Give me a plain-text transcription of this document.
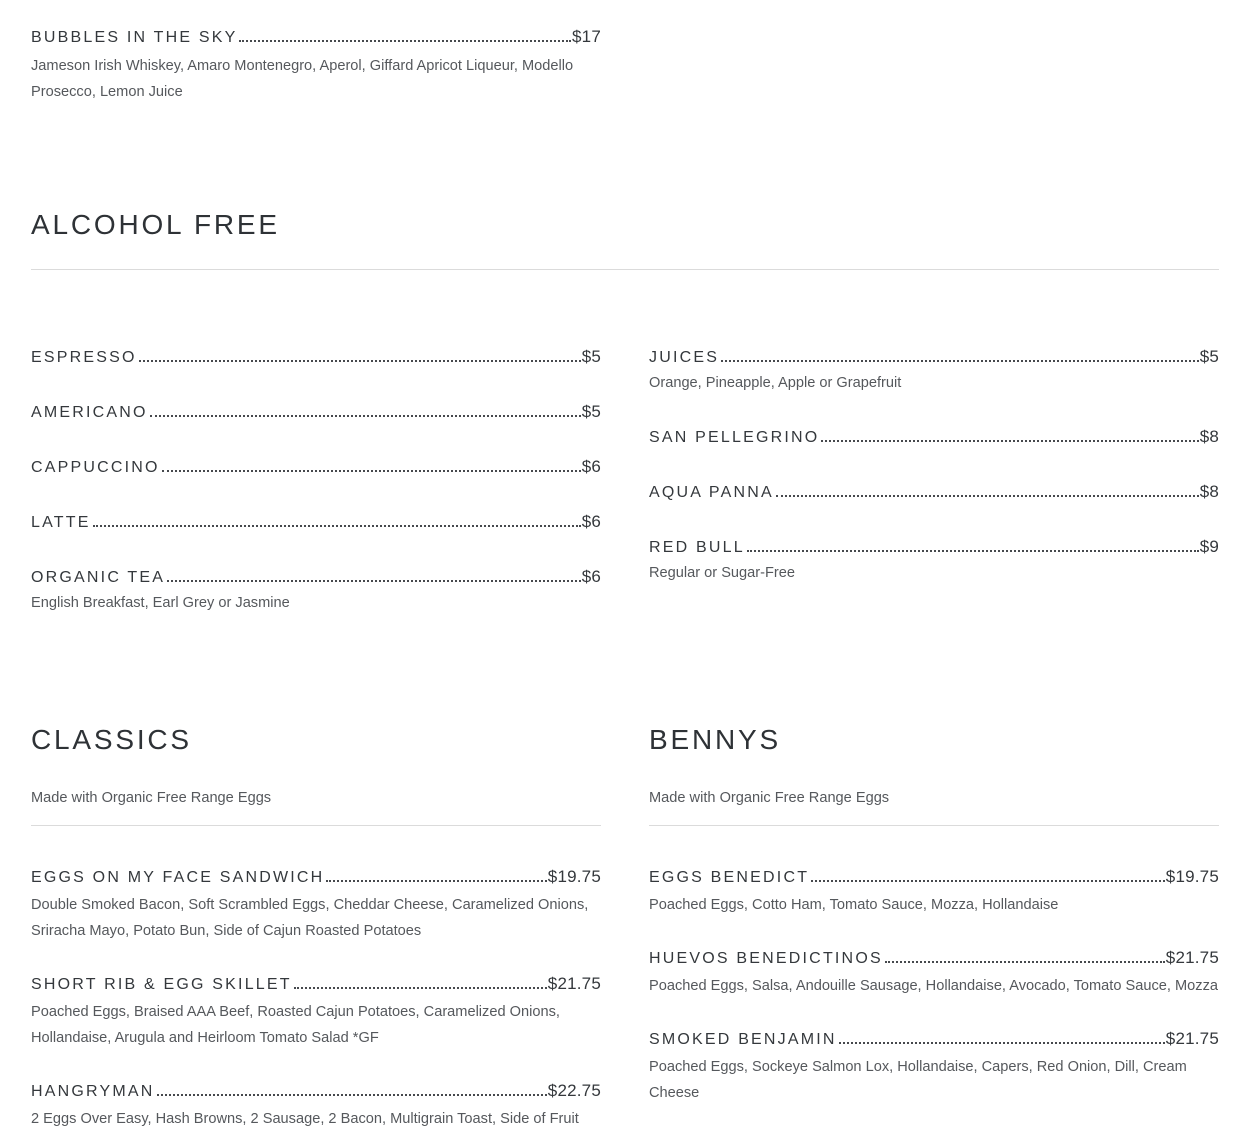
BUBBLES IN THE SKY	$17
Jameson Irish Whiskey, Amaro Montenegro, Aperol, Giffard Apricot Liqueur, Modello Prosecco, Lemon Juice
ALCOHOL FREE
ESPRESSO	$5
AMERICANO	$5
CAPPUCCINO	$6
LATTE	$6
ORGANIC TEA	$6
English Breakfast, Earl Grey or Jasmine
JUICES	$5
Orange, Pineapple, Apple or Grapefruit
SAN PELLEGRINO	$8
AQUA PANNA	$8
RED BULL	$9
Regular or Sugar-Free
CLASSICS
Made with Organic Free Range Eggs
EGGS ON MY FACE SANDWICH	$19.75
Double Smoked Bacon, Soft Scrambled Eggs, Cheddar Cheese, Caramelized Onions, Sriracha Mayo, Potato Bun, Side of Cajun Roasted Potatoes
SHORT RIB & EGG SKILLET	$21.75
Poached Eggs, Braised AAA Beef, Roasted Cajun Potatoes, Caramelized Onions, Hollandaise, Arugula and Heirloom Tomato Salad *GF
HANGRYMAN	$22.75
2 Eggs Over Easy, Hash Browns, 2 Sausage, 2 Bacon, Multigrain Toast, Side of Fruit
BENNYS
Made with Organic Free Range Eggs
EGGS BENEDICT	$19.75
Poached Eggs, Cotto Ham, Tomato Sauce, Mozza, Hollandaise
HUEVOS BENEDICTINOS	$21.75
Poached Eggs, Salsa, Andouille Sausage, Hollandaise, Avocado, Tomato Sauce, Mozza
SMOKED BENJAMIN	$21.75
Poached Eggs, Sockeye Salmon Lox, Hollandaise, Capers, Red Onion, Dill, Cream Cheese
